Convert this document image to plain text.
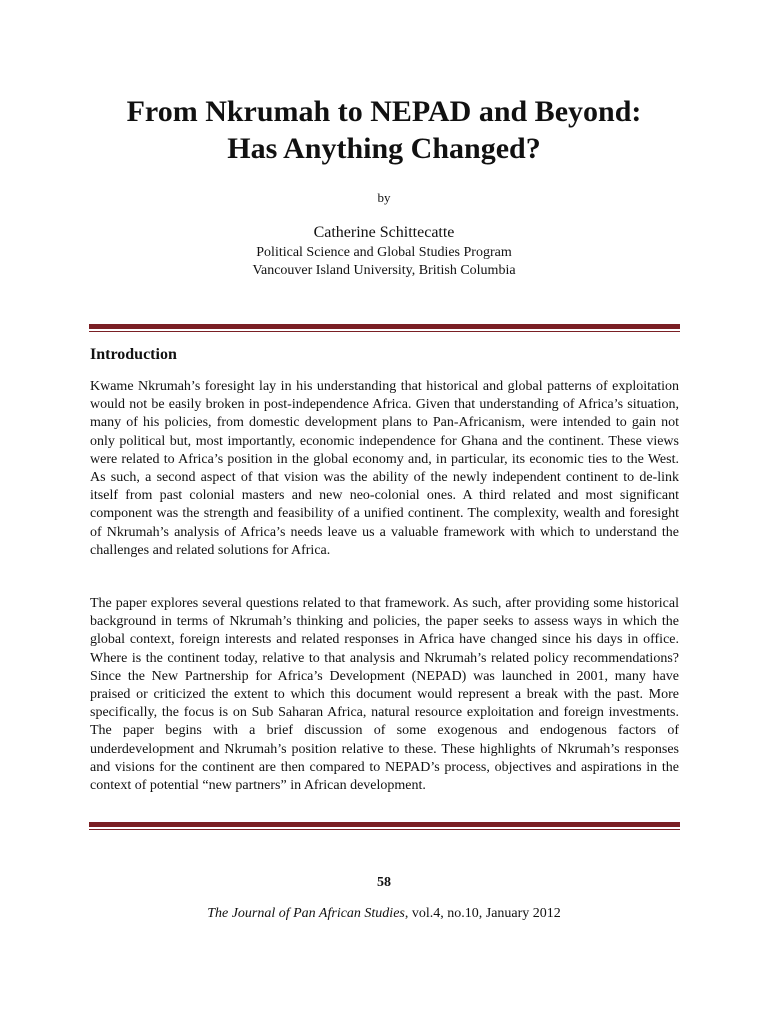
From Nkrumah to NEPAD and Beyond:
Has Anything Changed?
by
Catherine Schittecatte
Political Science and Global Studies Program
Vancouver Island University, British Columbia
Introduction

Kwame Nkrumah’s foresight lay in his understanding that historical and global patterns of exploitation would not be easily broken in post-independence Africa. Given that understanding of Africa’s situation, many of his policies, from domestic development plans to Pan-Africanism, were intended to gain not only political but, most importantly, economic independence for Ghana and the continent. These views were related to Africa’s position in the global economy and, in particular, its economic ties to the West. As such, a second aspect of that vision was the ability of the newly independent continent to de-link itself from past colonial masters and new neo-colonial ones. A third related and most significant component was the strength and feasibility of a unified continent. The complexity, wealth and foresight of Nkrumah’s analysis of Africa’s needs leave us a valuable framework with which to understand the challenges and related solutions for Africa.

The paper explores several questions related to that framework. As such, after providing some historical background in terms of Nkrumah’s thinking and policies, the paper seeks to assess ways in which the global context, foreign interests and related responses in Africa have changed since his days in office. Where is the continent today, relative to that analysis and Nkrumah’s related policy recommendations? Since the New Partnership for Africa’s Development (NEPAD) was launched in 2001, many have praised or criticized the extent to which this document would represent a break with the past. More specifically, the focus is on Sub Saharan Africa, natural resource exploitation and foreign investments. The paper begins with a brief discussion of some exogenous and endogenous factors of underdevelopment and Nkrumah’s position relative to these. These highlights of Nkrumah’s responses and visions for the continent are then compared to NEPAD’s process, objectives and aspirations in the context of potential “new partners” in African development.

58
The Journal of Pan African Studies, vol.4, no.10, January 2012
